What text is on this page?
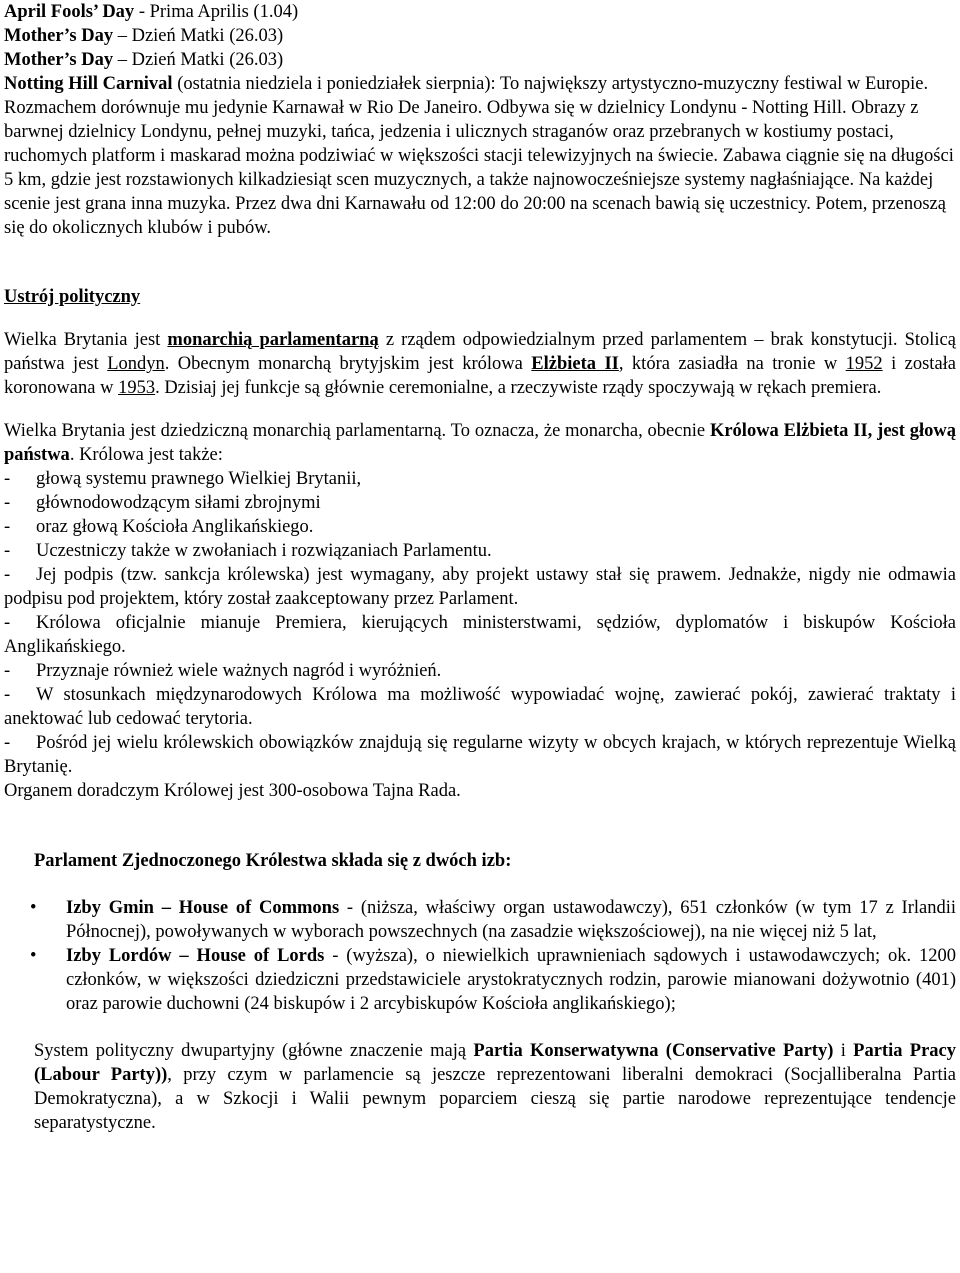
April Fools’ Day - Prima Aprilis (1.04)

Mother’s Day – Dzień Matki (26.03)

Mother’s Day – Dzień Matki (26.03)

Notting Hill Carnival (ostatnia niedziela i poniedziałek sierpnia): To największy artystyczno-muzyczny festiwal w Europie. Rozmachem dorównuje mu jedynie Karnawał w Rio De Janeiro. Odbywa się w dzielnicy Londynu - Notting Hill. Obrazy z barwnej dzielnicy Londynu, pełnej muzyki, tańca, jedzenia i ulicznych straganów oraz przebranych w kostiumy postaci, ruchomych platform i maskarad można podziwiać w większości stacji telewizyjnych na świecie. Zabawa ciągnie się na długości 5 km, gdzie jest rozstawionych kilkadziesiąt scen muzycznych, a także najnowocześniejsze systemy nagłaśniające. Na każdej scenie jest grana inna muzyka. Przez dwa dni Karnawału od 12:00 do 20:00 na scenach bawią się uczestnicy. Potem, przenoszą się do okolicznych klubów i pubów.

Ustrój polityczny

Wielka Brytania jest monarchią parlamentarną z rządem odpowiedzialnym przed parlamentem – brak konstytucji. Stolicą państwa jest Londyn. Obecnym monarchą brytyjskim jest królowa Elżbieta II, która zasiadła na tronie w 1952 i została koronowana w 1953. Dzisiaj jej funkcje są głównie ceremonialne, a rzeczywiste rządy spoczywają w rękach premiera.

Wielka Brytania jest dziedziczną monarchią parlamentarną. To oznacza, że monarcha, obecnie Królowa Elżbieta II, jest głową państwa. Królowa jest także:

- głową systemu prawnego Wielkiej Brytanii,
- głównodowodzącym siłami zbrojnymi
- oraz głową Kościoła Anglikańskiego.
- Uczestniczy także w zwołaniach i rozwiązaniach Parlamentu.
- Jej podpis (tzw. sankcja królewska) jest wymagany, aby projekt ustawy stał się prawem. Jednakże, nigdy nie odmawia podpisu pod projektem, który został zaakceptowany przez Parlament.
- Królowa oficjalnie mianuje Premiera, kierujących ministerstwami, sędziów, dyplomatów i biskupów Kościoła Anglikańskiego.
- Przyznaje również wiele ważnych nagród i wyróżnień.
- W stosunkach międzynarodowych Królowa ma możliwość wypowiadać wojnę, zawierać pokój, zawierać traktaty i anektować lub cedować terytoria.
- Pośród jej wielu królewskich obowiązków znajdują się regularne wizyty w obcych krajach, w których reprezentuje Wielką Brytanię.

Organem doradczym Królowej jest 300-osobowa Tajna Rada.

Parlament Zjednoczonego Królestwa składa się z dwóch izb:

• Izby Gmin – House of Commons - (niższa, właściwy organ ustawodawczy), 651 członków (w tym 17 z Irlandii Północnej), powoływanych w wyborach powszechnych (na zasadzie większościowej), na nie więcej niż 5 lat,
• Izby Lordów – House of Lords - (wyższa), o niewielkich uprawnieniach sądowych i ustawodawczych; ok. 1200 członków, w większości dziedziczni przedstawiciele arystokratycznych rodzin, parowie mianowani dożywotnio (401) oraz parowie duchowni (24 biskupów i 2 arcybiskupów Kościoła anglikańskiego);

System polityczny dwupartyjny (główne znaczenie mają Partia Konserwatywna (Conservative Party) i Partia Pracy (Labour Party)), przy czym w parlamencie są jeszcze reprezentowani liberalni demokraci (Socjalliberalna Partia Demokratyczna), a w Szkocji i Walii pewnym poparciem cieszą się partie narodowe reprezentujące tendencje separatystyczne.
